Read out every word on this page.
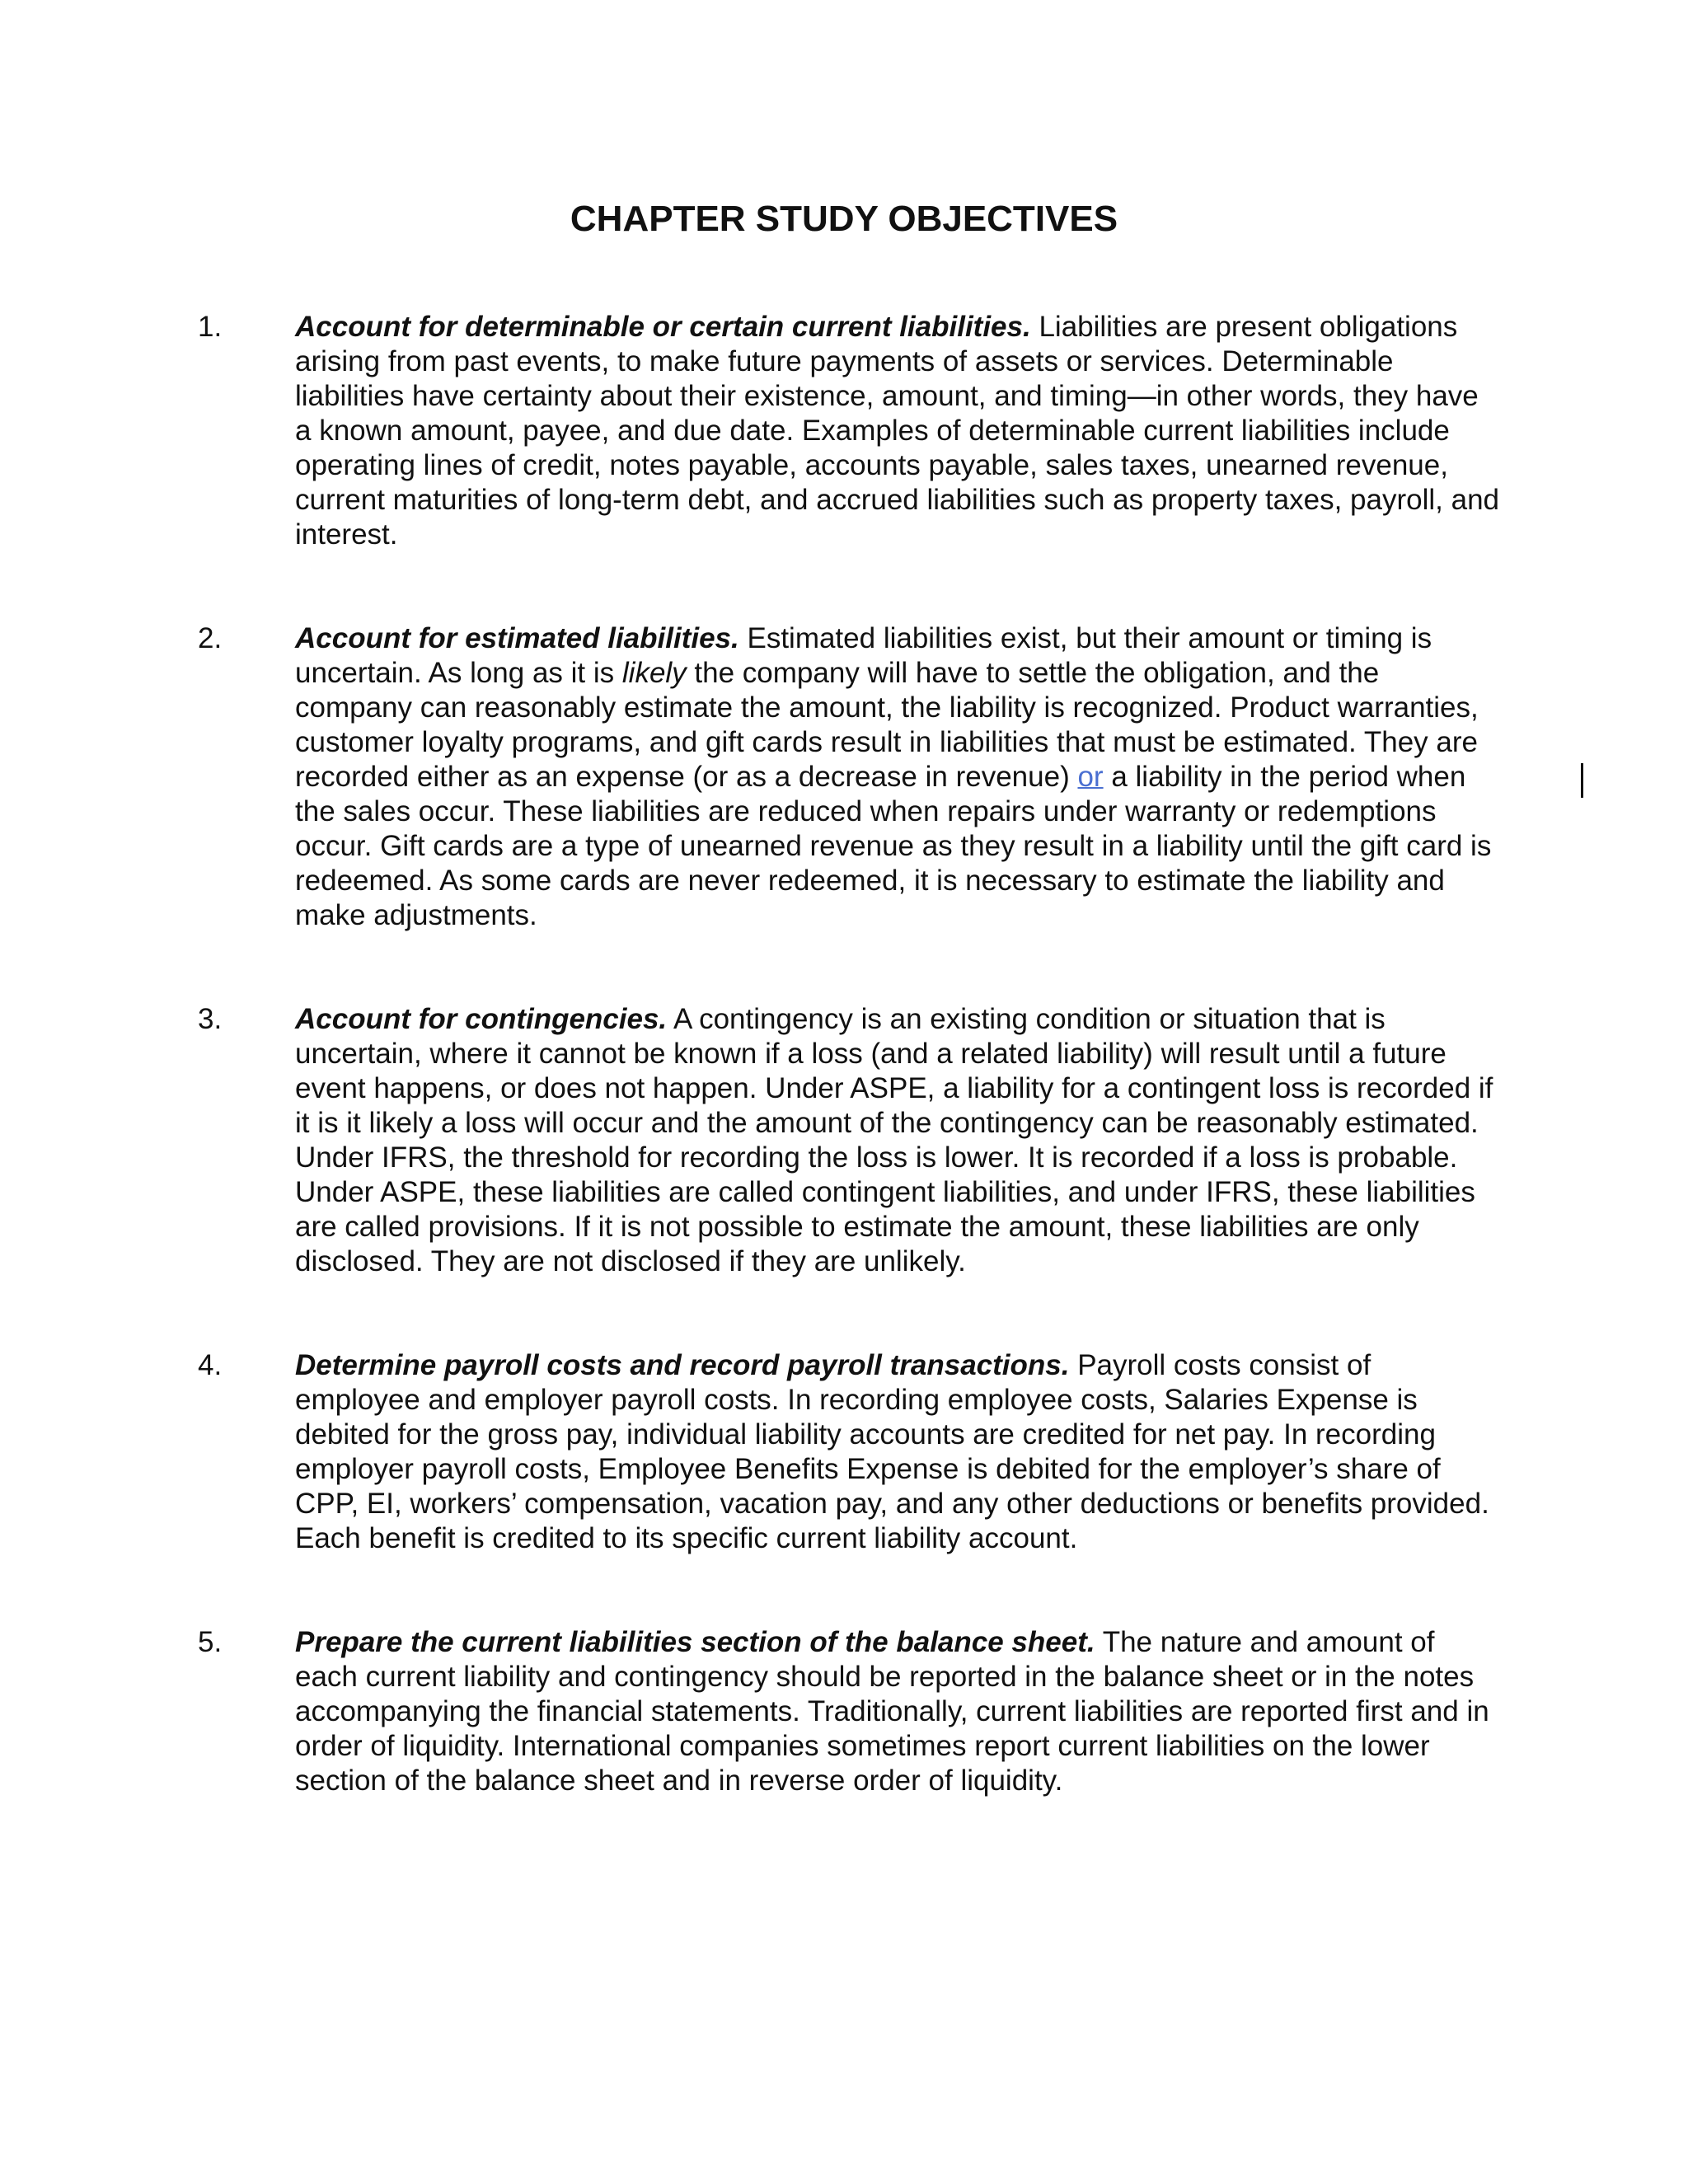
CHAPTER STUDY OBJECTIVES
1.	Account for determinable or certain current liabilities. Liabilities are present obligations arising from past events, to make future payments of assets or services. Determinable liabilities have certainty about their existence, amount, and timing—in other words, they have a known amount, payee, and due date. Examples of determinable current liabilities include operating lines of credit, notes payable, accounts payable, sales taxes, unearned revenue, current maturities of long-term debt, and accrued liabilities such as property taxes, payroll, and interest.
2.	Account for estimated liabilities. Estimated liabilities exist, but their amount or timing is uncertain. As long as it is likely the company will have to settle the obligation, and the company can reasonably estimate the amount, the liability is recognized. Product warranties, customer loyalty programs, and gift cards result in liabilities that must be estimated. They are recorded either as an expense (or as a decrease in revenue) or a liability in the period when the sales occur. These liabilities are reduced when repairs under warranty or redemptions occur. Gift cards are a type of unearned revenue as they result in a liability until the gift card is redeemed. As some cards are never redeemed, it is necessary to estimate the liability and make adjustments.
3.	Account for contingencies. A contingency is an existing condition or situation that is uncertain, where it cannot be known if a loss (and a related liability) will result until a future event happens, or does not happen. Under ASPE, a liability for a contingent loss is recorded if it is it likely a loss will occur and the amount of the contingency can be reasonably estimated. Under IFRS, the threshold for recording the loss is lower. It is recorded if a loss is probable. Under ASPE, these liabilities are called contingent liabilities, and under IFRS, these liabilities are called provisions. If it is not possible to estimate the amount, these liabilities are only disclosed. They are not disclosed if they are unlikely.
4.	Determine payroll costs and record payroll transactions. Payroll costs consist of employee and employer payroll costs. In recording employee costs, Salaries Expense is debited for the gross pay, individual liability accounts are credited for net pay. In recording employer payroll costs, Employee Benefits Expense is debited for the employer’s share of CPP, EI, workers’ compensation, vacation pay, and any other deductions or benefits provided. Each benefit is credited to its specific current liability account.
5.	Prepare the current liabilities section of the balance sheet. The nature and amount of each current liability and contingency should be reported in the balance sheet or in the notes accompanying the financial statements. Traditionally, current liabilities are reported first and in order of liquidity. International companies sometimes report current liabilities on the lower section of the balance sheet and in reverse order of liquidity.
